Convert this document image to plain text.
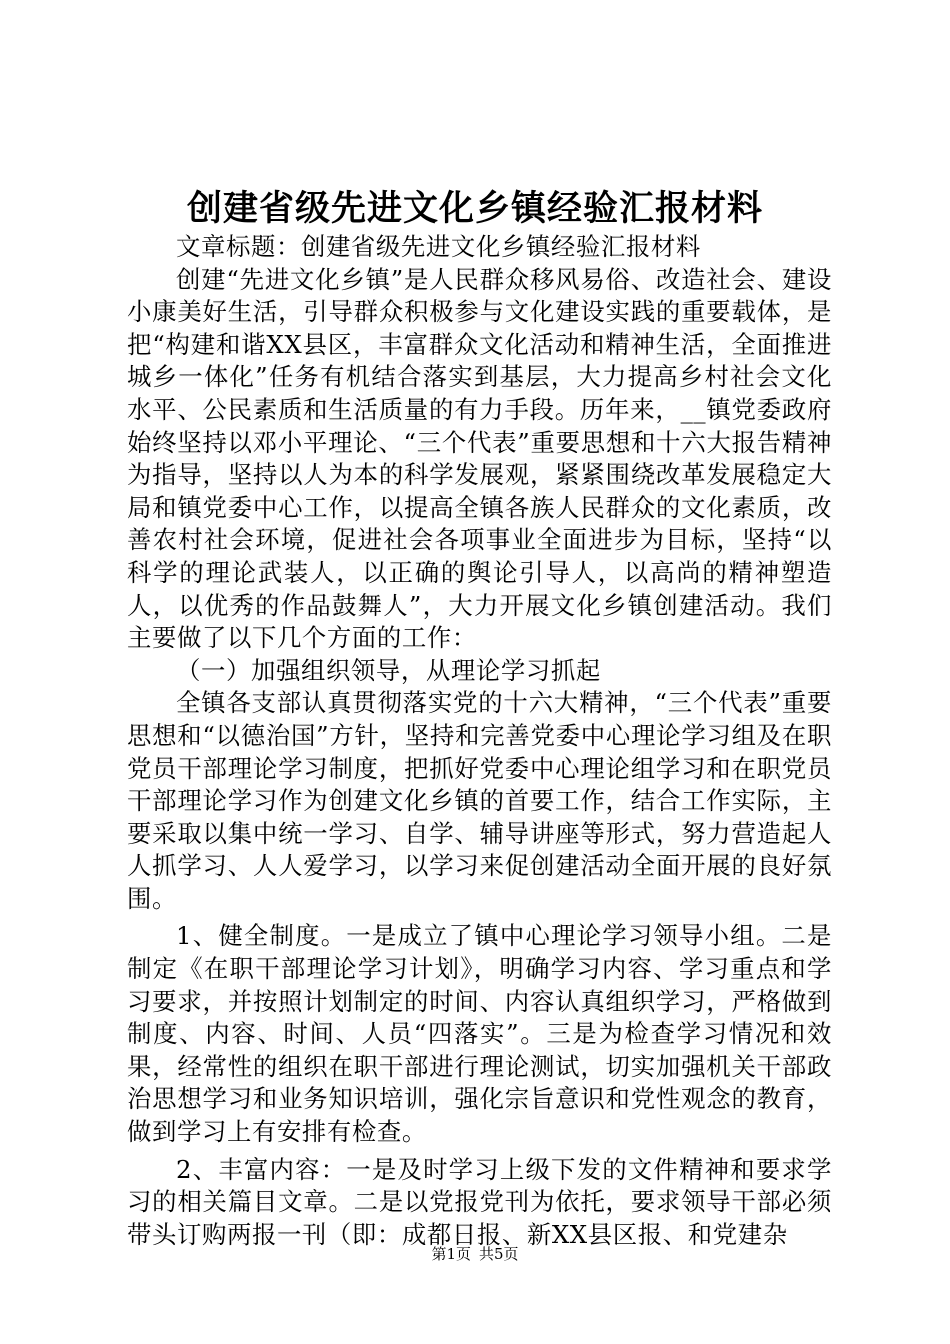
创建省级先进文化乡镇经验汇报材料

文章标题：创建省级先进文化乡镇经验汇报材料

创建“先进文化乡镇”是人民群众移风易俗、改造社会、建设小康美好生活，引导群众积极参与文化建设实践的重要载体，是把“构建和谐XX县区，丰富群众文化活动和精神生活，全面推进城乡一体化”任务有机结合落实到基层，大力提高乡村社会文化水平、公民素质和生活质量的有力手段。历年来，__镇党委政府始终坚持以邓小平理论、“三个代表”重要思想和十六大报告精神为指导，坚持以人为本的科学发展观，紧紧围绕改革发展稳定大局和镇党委中心工作，以提高全镇各族人民群众的文化素质，改善农村社会环境，促进社会各项事业全面进步为目标，坚持“以科学的理论武装人，以正确的舆论引导人，以高尚的精神塑造人，以优秀的作品鼓舞人”，大力开展文化乡镇创建活动。我们主要做了以下几个方面的工作：

（一）加强组织领导，从理论学习抓起

全镇各支部认真贯彻落实党的十六大精神，“三个代表”重要思想和“以德治国”方针，坚持和完善党委中心理论学习组及在职党员干部理论学习制度，把抓好党委中心理论组学习和在职党员干部理论学习作为创建文化乡镇的首要工作，结合工作实际，主要采取以集中统一学习、自学、辅导讲座等形式，努力营造起人人抓学习、人人爱学习，以学习来促创建活动全面开展的良好氛围。

1、健全制度。一是成立了镇中心理论学习领导小组。二是制定《在职干部理论学习计划》，明确学习内容、学习重点和学习要求，并按照计划制定的时间、内容认真组织学习，严格做到制度、内容、时间、人员“四落实”。三是为检查学习情况和效果，经常性的组织在职干部进行理论测试，切实加强机关干部政治思想学习和业务知识培训，强化宗旨意识和党性观念的教育，做到学习上有安排有检查。

2、丰富内容：一是及时学习上级下发的文件精神和要求学习的相关篇目文章。二是以党报党刊为依托，要求领导干部必须带头订购两报一刊（即：成都日报、新XX县区报、和党建杂

第1页 共5页
